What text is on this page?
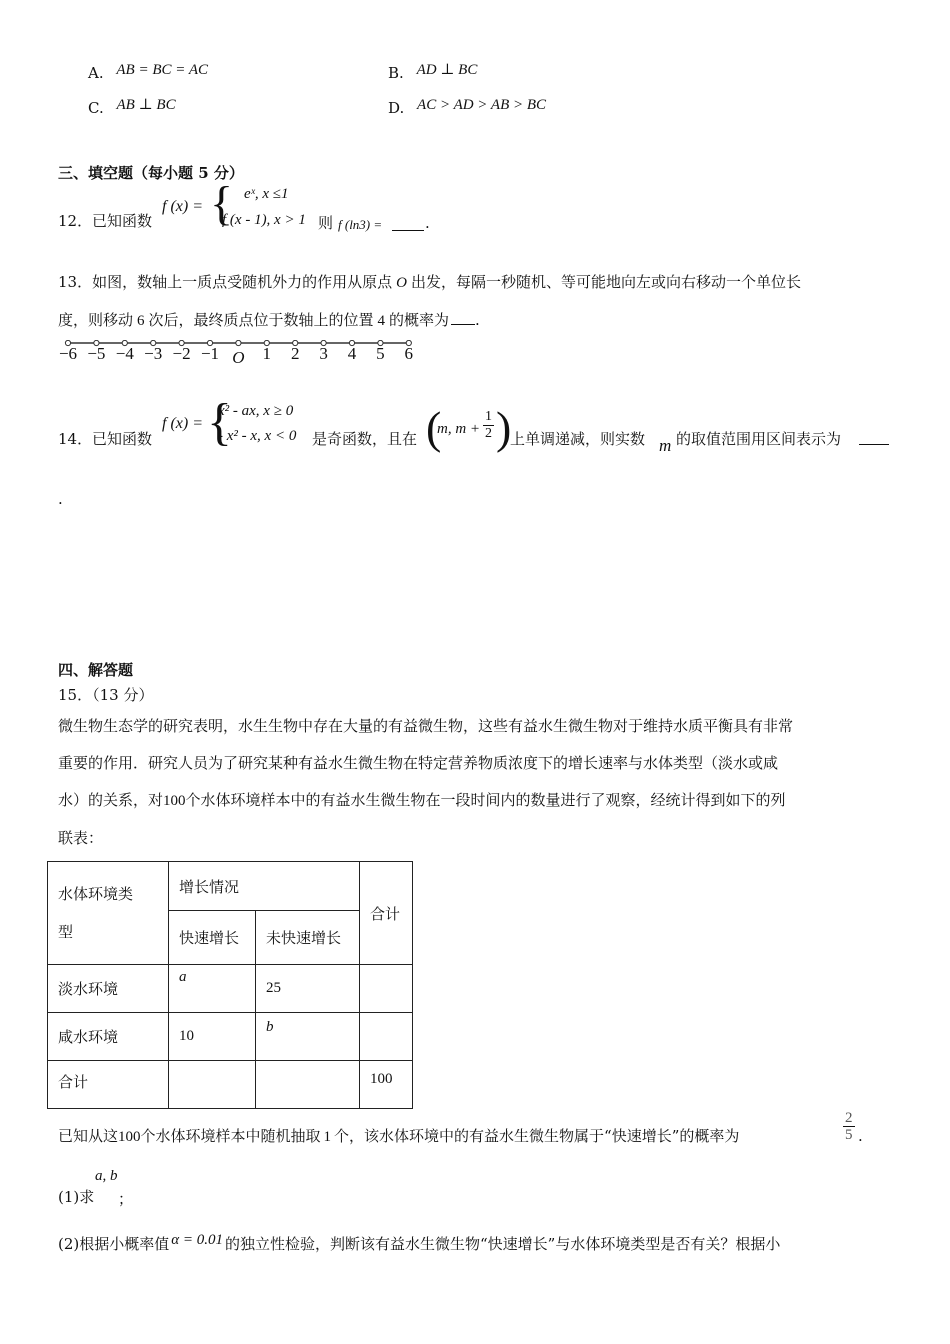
A. AB = BC = AC	B. AD ⊥ BC
C. AB ⊥ BC	D. AC > AD > AB > BC
三、填空题（每小题 5 分）
12． 已知函数
f (x) = { eˣ, x ≤1
f (x - 1), x > 1 则 f (ln3) =	.
13．如图，数轴上一质点受随机外力的作用从原点 O 出发，每隔一秒随机、等可能地向左或向右移动一个单位长
度，则移动 6 次后，最终质点位于数轴上的位置 4 的概率为 .
−6 −5 −4 −3 −2 −1 O	1	2	3	4	5	6
14． 已知函数
f (x) = {
x² - ax, x ≥ 0
- x² - x, x < 0 是奇函数，且在 (
m, $m + \frac{1}{2}$ )
上单调递减，则实数 m 的取值范围用区间表示为
.
四、解答题
15．（13 分）
微生物生态学的研究表明，水生生物中存在大量的有益微生物，这些有益水生微生物对于维持水质平衡具有非常
重要的作用．研究人员为了研究某种有益水生微生物在特定营养物质浓度下的增长速率与水体类型（淡水或咸
水）的关系，对100个水体环境样本中的有益水生微生物在一段时间内的数量进行了观察，经统计得到如下的列
联表：
水体环境类
型	增长情况		合计
	快速增长	未快速增长	
淡水环境	a	25	
咸水环境	10	b	
合计			100
已知从这100个水体环境样本中随机抽取 1 个，该水体环境中的有益水生微生物属于“快速增长”的概率为	$\frac{2}{5}$ .
(1)求
a, b
；
(2)根据小概率值 α = 0.01 的独立性检验，判断该有益水生微生物“快速增长”与水体环境类型是否有关？根据小
